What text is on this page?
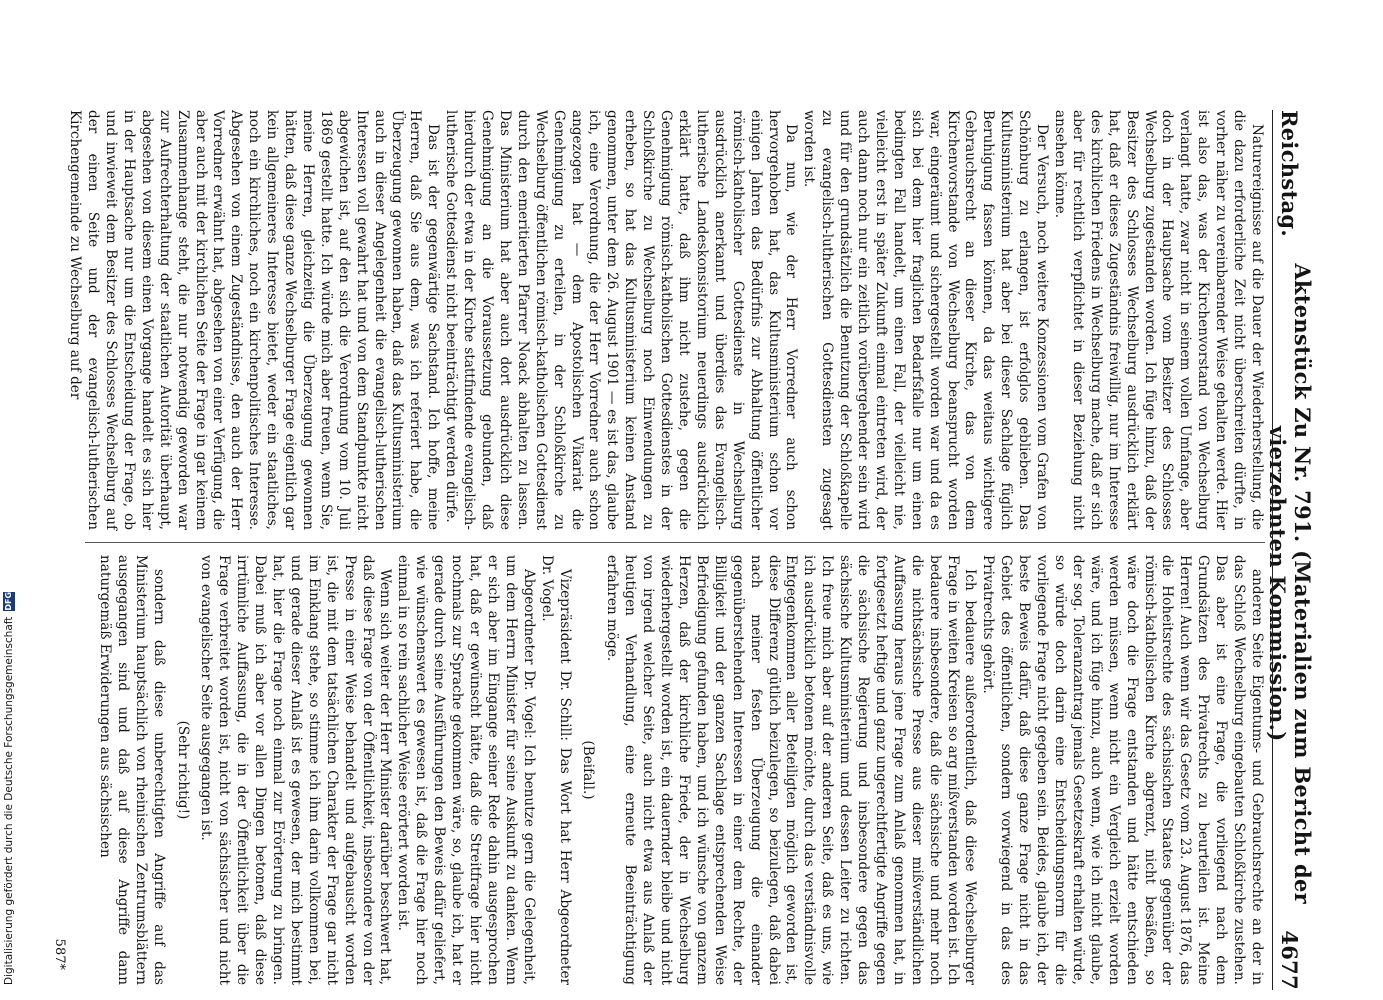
Reichstag.
Aktenstück Zu Nr. 791. (Materialien zum Bericht der vierzehnten Kommission.)
4677

Naturereignisse auf die Dauer der Wiederherstellung, die die dazu erforderliche Zeit nicht überschreiten dürfte, in vorher näher zu vereinbarender Weise gehalten werde. Hier ist also das, was der Kirchenvorstand von Wechselburg verlangt hatte, zwar nicht in seinem vollen Umfange, aber doch in der Hauptsache vom Besitzer des Schlosses Wechselburg zugestanden worden. Ich füge hinzu, daß der Besitzer des Schlosses Wechselburg ausdrücklich erklärt hat, daß er dieses Zugeständnis freiwillig, nur im Interesse des kirchlichen Friedens in Wechselburg mache, daß er sich aber für rechtlich verpflichtet in dieser Beziehung nicht ansehen könne.

Der Versuch, noch weitere Konzessionen vom Grafen von Schönburg zu erlangen, ist erfolglos geblieben. Das Kultusministerium hat aber bei dieser Sachlage füglich Beruhigung fassen können, da das weitaus wichtigere Gebrauchsrecht an dieser Kirche, das von dem Kirchenvorstande von Wechselburg beansprucht worden war, eingeräumt und sichergestellt worden war und da es sich bei dem hier fraglichen Bedarfsfalle nur um einen bedingten Fall handelt, um einen Fall, der vielleicht nie, vielleicht erst in später Zukunft einmal eintreten wird, der auch dann noch nur ein zeitlich vorübergehender sein wird und für den grundsätzlich die Benutzung der Schloßkapelle zu evangelisch-lutherischen Gottesdiensten zugesagt worden ist.

Da nun, wie der Herr Vorredner auch schon hervorgehoben hat, das Kultusministerium schon vor einigen Jahren das Bedürfnis zur Abhaltung öffentlicher römisch-katholischer Gottesdienste in Wechselburg ausdrücklich anerkannt und überdies das Evangelisch-lutherische Landeskonsistorium neuerdings ausdrücklich erklärt hatte, daß ihm nicht zustehe, gegen die Genehmigung römisch-katholischen Gottesdienstes in der Schloßkirche zu Wechselburg noch Einwendungen zu erheben, so hat das Kultusministerium keinen Anstand genommen, unter dem 26. August 1901 — es ist das, glaube ich, eine Verordnung, die der Herr Vorredner auch schon angezogen hat — dem Apostolischen Vikariat die Genehmigung zu erteilen, in der Schloßkirche zu Wechselburg öffentlichen römisch-katholischen Gottesdienst durch den emeritierten Pfarrer Noack abhalten zu lassen. Das Ministerium hat aber auch dort ausdrücklich diese Genehmigung an die Voraussetzung gebunden, daß hierdurch der etwa in der Kirche stattfindende evangelisch-lutherische Gottesdienst nicht beeinträchtigt werden dürfe.

Das ist der gegenwärtige Sachstand. Ich hoffe, meine Herren, daß Sie aus dem, was ich referiert habe, die Überzeugung gewonnen haben, daß das Kultusministerium auch in dieser Angelegenheit die evangelisch-lutherischen Interessen voll gewahrt hat und von dem Standpunkte nicht abgewichen ist, auf den sich die Verordnung vom 10. Juli 1869 gestellt hatte. Ich würde mich aber freuen, wenn Sie, meine Herren, gleichzeitig die Überzeugung gewonnen hätten, daß diese ganze Wechselburger Frage eigentlich gar kein allgemeineres Interesse bietet, weder ein staatliches, noch ein kirchliches, noch ein kirchenpolitisches Interesse. Abgesehen von einem Zugeständnisse, den auch der Herr Vorredner erwähnt hat, abgesehen von einer Verfügung, die aber auch mit der kirchlichen Seite der Frage in gar keinem Zusammenhange steht, die nur notwendig geworden war zur Aufrechterhaltung der staatlichen Autorität überhaupt, abgesehen von diesem einen Vorgange handelt es sich hier in der Hauptsache nur um die Entscheidung der Frage, ob und inwieweit dem Besitzer des Schlosses Wechselburg auf der einen Seite und der evangelisch-lutherischen Kirchengemeinde zu Wechselburg auf der

anderen Seite Eigentums- und Gebrauchsrechte an der in das Schloß Wechselburg eingebauten Schloßkirche zustehen. Das aber ist eine Frage, die vorliegend nach dem Grundsätzen des Privatrechts zu beurteilen ist. Meine Herren! Auch wenn wir das Gesetz vom 23. August 1876, das die Hoheitsrechte des sächsischen Staates gegenüber der römisch-katholischen Kirche abgrenzt, nicht besäßen, so wäre doch die Frage entstanden und hätte entschieden werden müssen, wenn nicht ein Vergleich erzielt worden wäre, und ich füge hinzu, auch wenn, wie ich nicht glaube, der sog. Toleranzantrag jemals Gesetzeskraft erhalten würde, so würde doch darin eine Entscheidungsnorm für die vorliegende Frage nicht gegeben sein. Beides, glaube ich, der beste Beweis dafür, daß diese ganze Frage nicht in das Gebiet des öffentlichen, sondern vorwiegend in das des Privatrechts gehört.

Ich bedauere außerordentlich, daß diese Wechselburger Frage in weiten Kreisen so arg mißverstanden worden ist. Ich bedauere insbesondere, daß die sächsische und mehr noch die nichtsächsische Presse aus dieser mißverständlichen Auffassung heraus jene Frage zum Anlaß genommen hat, in fortgesetzt heftige und ganz ungerechtfertigte Angriffe gegen die sächsische Regierung und insbesondere gegen das sächsische Kultusministerium und dessen Leiter zu richten. Ich freue mich aber auf der anderen Seite, daß es uns, wie ich ausdrücklich betonen möchte, durch das verständnisvolle Entgegenkommen aller Beteiligten möglich geworden ist, diese Differenz gütlich beizulegen, so beizulegen, daß dabei nach meiner festen Überzeugung die einander gegenüberstehenden Interessen in einer dem Rechte, der Billigkeit und der ganzen Sachlage entsprechenden Weise Befriedigung gefunden haben, und ich wünsche von ganzem Herzen, daß der kirchliche Friede, der in Wechselburg wiederhergestellt worden ist, ein dauernder bleibe und nicht von irgend welcher Seite, auch nicht etwa aus Anlaß der heutigen Verhandlung, eine erneute Beeinträchtigung erfahren möge.

(Beifall.)

Vizepräsident Dr. Schill: Das Wort hat Herr Abgeordneter Dr. Vogel.

Abgeordneter Dr. Vogel: Ich benutze gern die Gelegenheit, um dem Herrn Minister für seine Auskunft zu danken. Wenn er sich aber im Eingange seiner Rede dahin ausgesprochen hat, daß er gewünscht hätte, daß die Streitfrage hier nicht nochmals zur Sprache gekommen wäre, so, glaube ich, hat er gerade durch seine Ausführungen den Beweis dafür geliefert, wie wünschenswert es gewesen ist, daß die Frage hier noch einmal in so rein sachlicher Weise erörtert worden ist.

Wenn sich weiter der Herr Minister darüber beschwert hat, daß diese Frage von der Öffentlichkeit, insbesondere von der Presse in einer Weise behandelt und aufgebauscht worden ist, die mit dem tatsächlichen Charakter der Frage gar nicht im Einklang stehe, so stimme ich ihm darin vollkommen bei, und gerade dieser Anlaß ist es gewesen, der mich bestimmt hat, hier die Frage noch einmal zur Erörterung zu bringen. Dabei muß ich aber vor allen Dingen betonen, daß diese irrtümliche Auffassung, die in der Öffentlichkeit über die Frage verbreitet worden ist, nicht von sächsischer und nicht von evangelischer Seite ausgegangen ist.

(Sehr richtig!)

sondern daß diese unberechtigten Angriffe auf das Ministerium hauptsächlich von rheinischen Zentrumsblättern ausgegangen sind und daß auf diese Angriffe dann naturgemäß Erwiderungen aus sächsischen

587*
Digitalisierung gefördert durch die Deutsche Forschungsgemeinschaft
DFG
